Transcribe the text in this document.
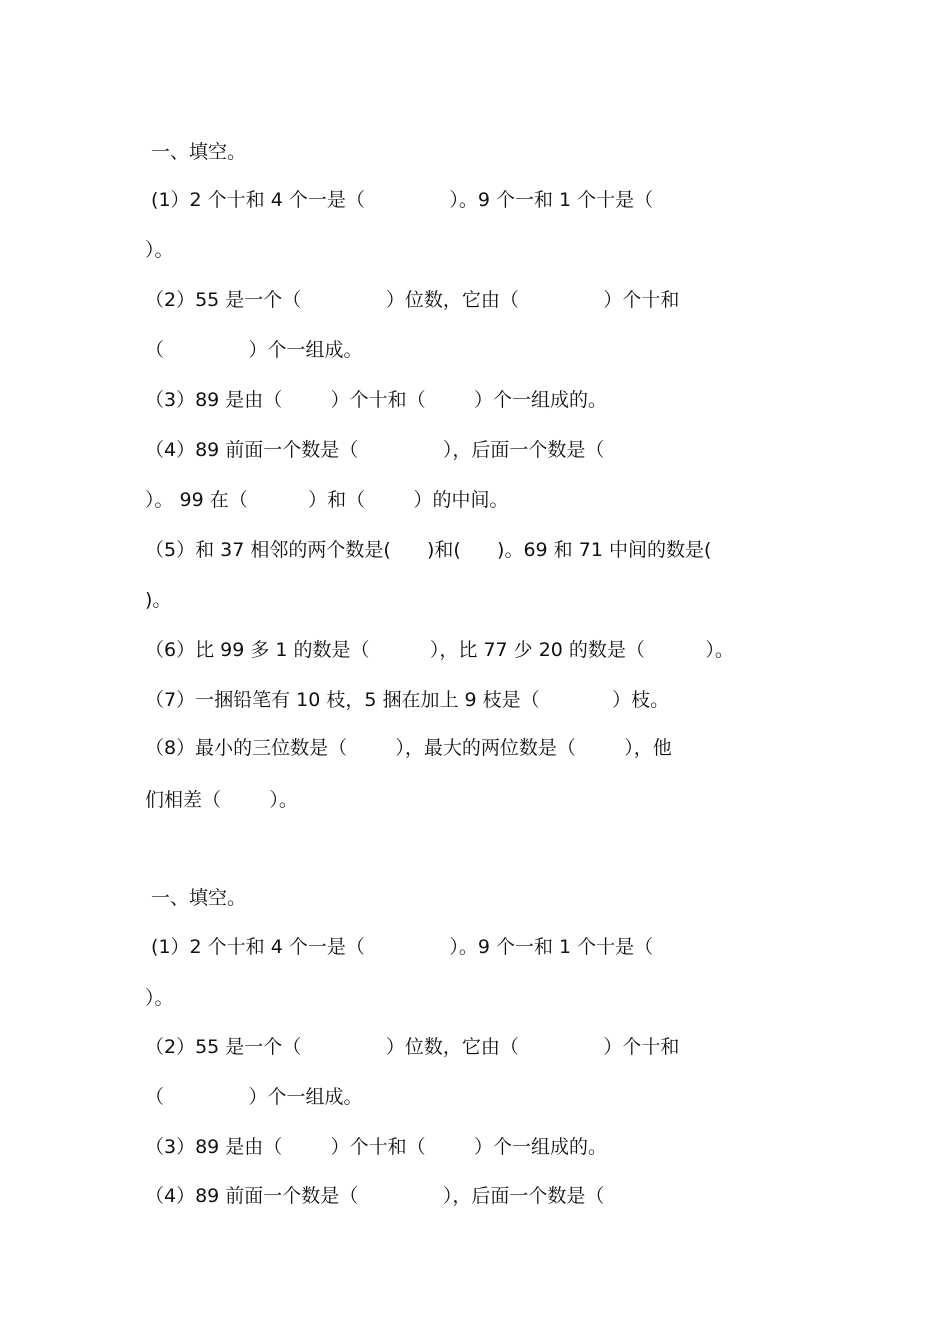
一、填空。
(1）2 个十和 4 个一是（              ）。9 个一和 1 个十是（
）。
（2）55 是一个（              ）位数，它由（              ）个十和
（              ）个一组成。
（3）89 是由（        ）个十和（        ）个一组成的。
（4）89 前面一个数是（              ），后面一个数是（
）。 99 在（          ）和（        ）的中间。
（5）和 37 相邻的两个数是(      )和(      )。69 和 71 中间的数是(
)。
（6）比 99 多 1 的数是（          ），比 77 少 20 的数是（          ）。
（7）一捆铅笔有 10 枝，5 捆在加上 9 枝是（            ）枝。
（8）最小的三位数是（        ），最大的两位数是（        ），他
们相差（        ）。
一、填空。
(1）2 个十和 4 个一是（              ）。9 个一和 1 个十是（
）。
（2）55 是一个（              ）位数，它由（              ）个十和
（              ）个一组成。
（3）89 是由（        ）个十和（        ）个一组成的。
（4）89 前面一个数是（              ），后面一个数是（
